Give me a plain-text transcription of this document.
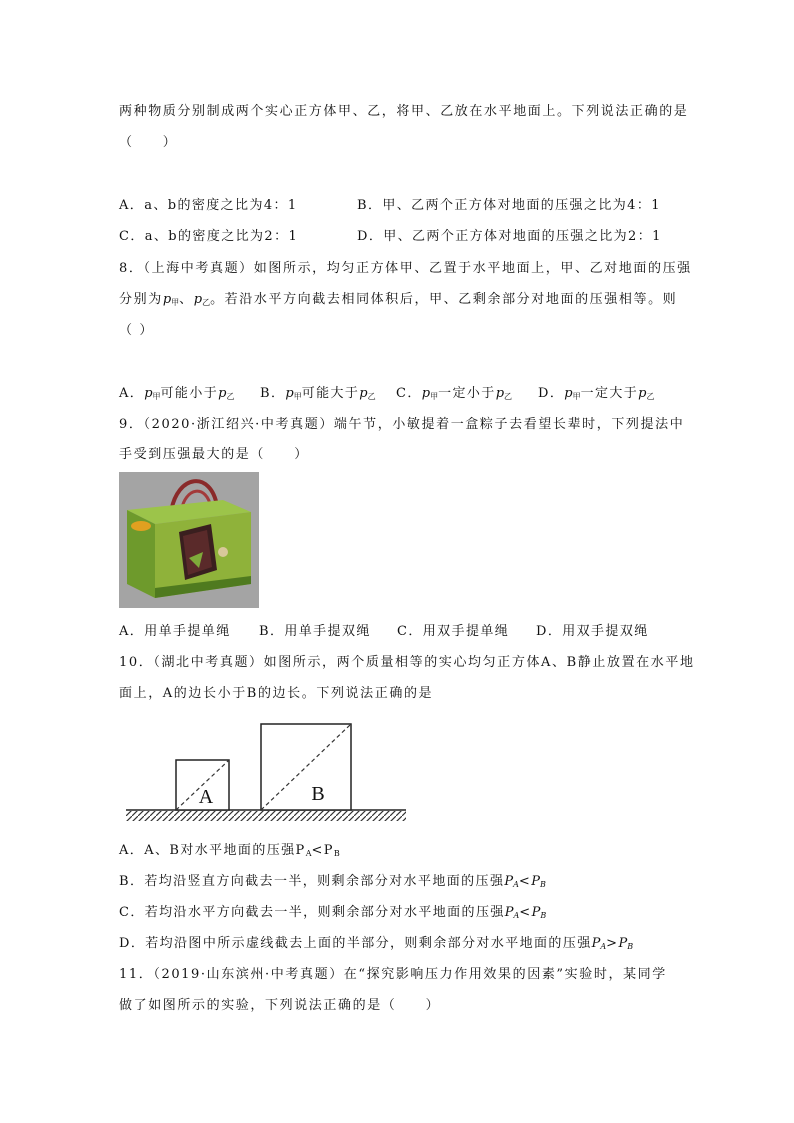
两种物质分别制成两个实心正方体甲、乙，将甲、乙放在水平地面上。下列说法正确的是
（　　）
A．a、b的密度之比为4：1	B．甲、乙两个正方体对地面的压强之比为4：1
C．a、b的密度之比为2：1	D．甲、乙两个正方体对地面的压强之比为2：1
8．（上海中考真题）如图所示，均匀正方体甲、乙置于水平地面上，甲、乙对地面的压强
分别为$p_甲$、$p_乙$。若沿水平方向截去相同体积后，甲、乙剩余部分对地面的压强相等。则
（ ）
A．$p_甲$可能小于$p_乙$ B．$p_甲$可能大于$p_乙$ C．$p_甲$一定小于$p_乙$ D．$p_甲$一定大于$p_乙$
9．（2020·浙江绍兴·中考真题）端午节，小敏提着一盒粽子去看望长辈时，下列提法中
手受到压强最大的是（　　）
A．用单手提单绳 B．用单手提双绳 C．用双手提单绳 D．用双手提双绳
10．（湖北中考真题）如图所示，两个质量相等的实心均匀正方体A、B静止放置在水平地
面上，A的边长小于B的边长。下列说法正确的是
A	B
A．A、B对水平地面的压强$P_A<P_B$
B．若均沿竖直方向截去一半，则剩余部分对水平地面的压强$P_A<P_B$
C．若均沿水平方向截去一半，则剩余部分对水平地面的压强$P_A<P_B$
D．若均沿图中所示虚线截去上面的半部分，则剩余部分对水平地面的压强$P_A>P_B$
11．（2019·山东滨州·中考真题）在“探究影响压力作用效果的因素”实验时，某同学
做了如图所示的实验，下列说法正确的是（　　）
